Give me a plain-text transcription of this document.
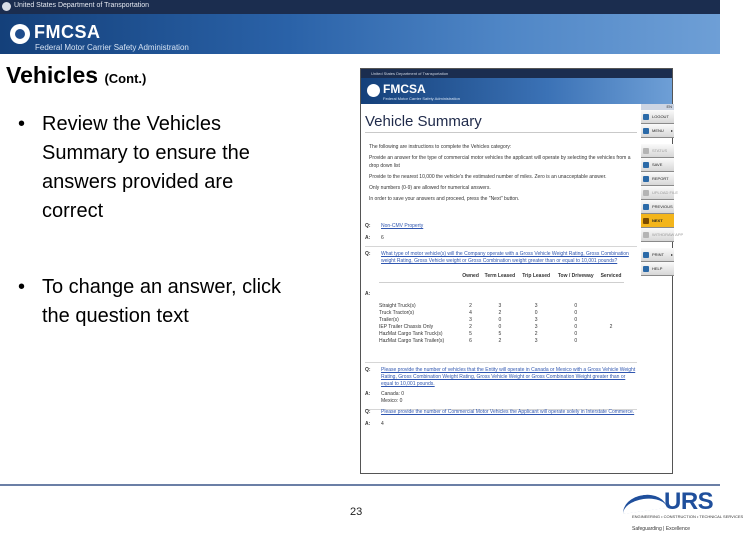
United States Department of Transportation
FMCSA
Federal Motor Carrier Safety Administration
Vehicles (Cont.)
• Review the Vehicles Summary to ensure the answers provided are correct
• To change an answer, click the question text
United States Department of Transportation
FMCSA
Federal Motor Carrier Safety Administration
Vehicle Summary

The following are instructions to complete the Vehicles category:

Provide an answer for the type of commercial motor vehicles the applicant will operate by selecting the vehicles from a drop down list

Provide to the nearest 10,000 the vehicle's the estimated number of miles. Zero is an unacceptable answer.

Only numbers (0-9) are allowed for numerical answers.

In order to save your answers and proceed, press the "Next" button.

Q:	Non-CMV Property
A:	6
Q:	What type of motor vehicle(s) will the Company operate with a Gross Vehicle Weight Rating, Gross Combination weight Rating, Gross Vehicle weight or Gross Combination weight greater than or equal to 10,001 pounds?
A:
	Owned	Term Leased	Trip Leased	Tow / Driveway	Serviced
Straight Truck(s)	2	3	3	0	
Truck Tractor(s)	4	2	0	0	
Trailer(s)	3	0	3	0	
IEP Trailer Chassis Only	2	0	3	0	2
HazMat Cargo Tank Truck(s)	5	5	2	0	
HazMat Cargo Tank Trailer(s)	6	2	3	0	
Q:	Please provide the number of vehicles that the Entity will operate in Canada or Mexico with a Gross Vehicle Weight Rating, Gross Combination Weight Rating, Gross Vehicle Weight or Gross Combination Weight greater than or equal to 10,001 pounds.
A:	Canada: 0
Mexico: 0
Q:	Please provide the number of Commercial Motor Vehicles the Applicant will operate solely in Interstate Commerce.
A:	4
EN
LOGOUT
MENU ▸
STATUS
SAVE
REPORT
UPLOAD FILE
PREVIOUS
NEXT
WITHDRAW APP
PRINT ▸
HELP
23	URS
ENGINEERING • CONSTRUCTION • TECHNICAL SERVICES
Safeguarding | Excellence
